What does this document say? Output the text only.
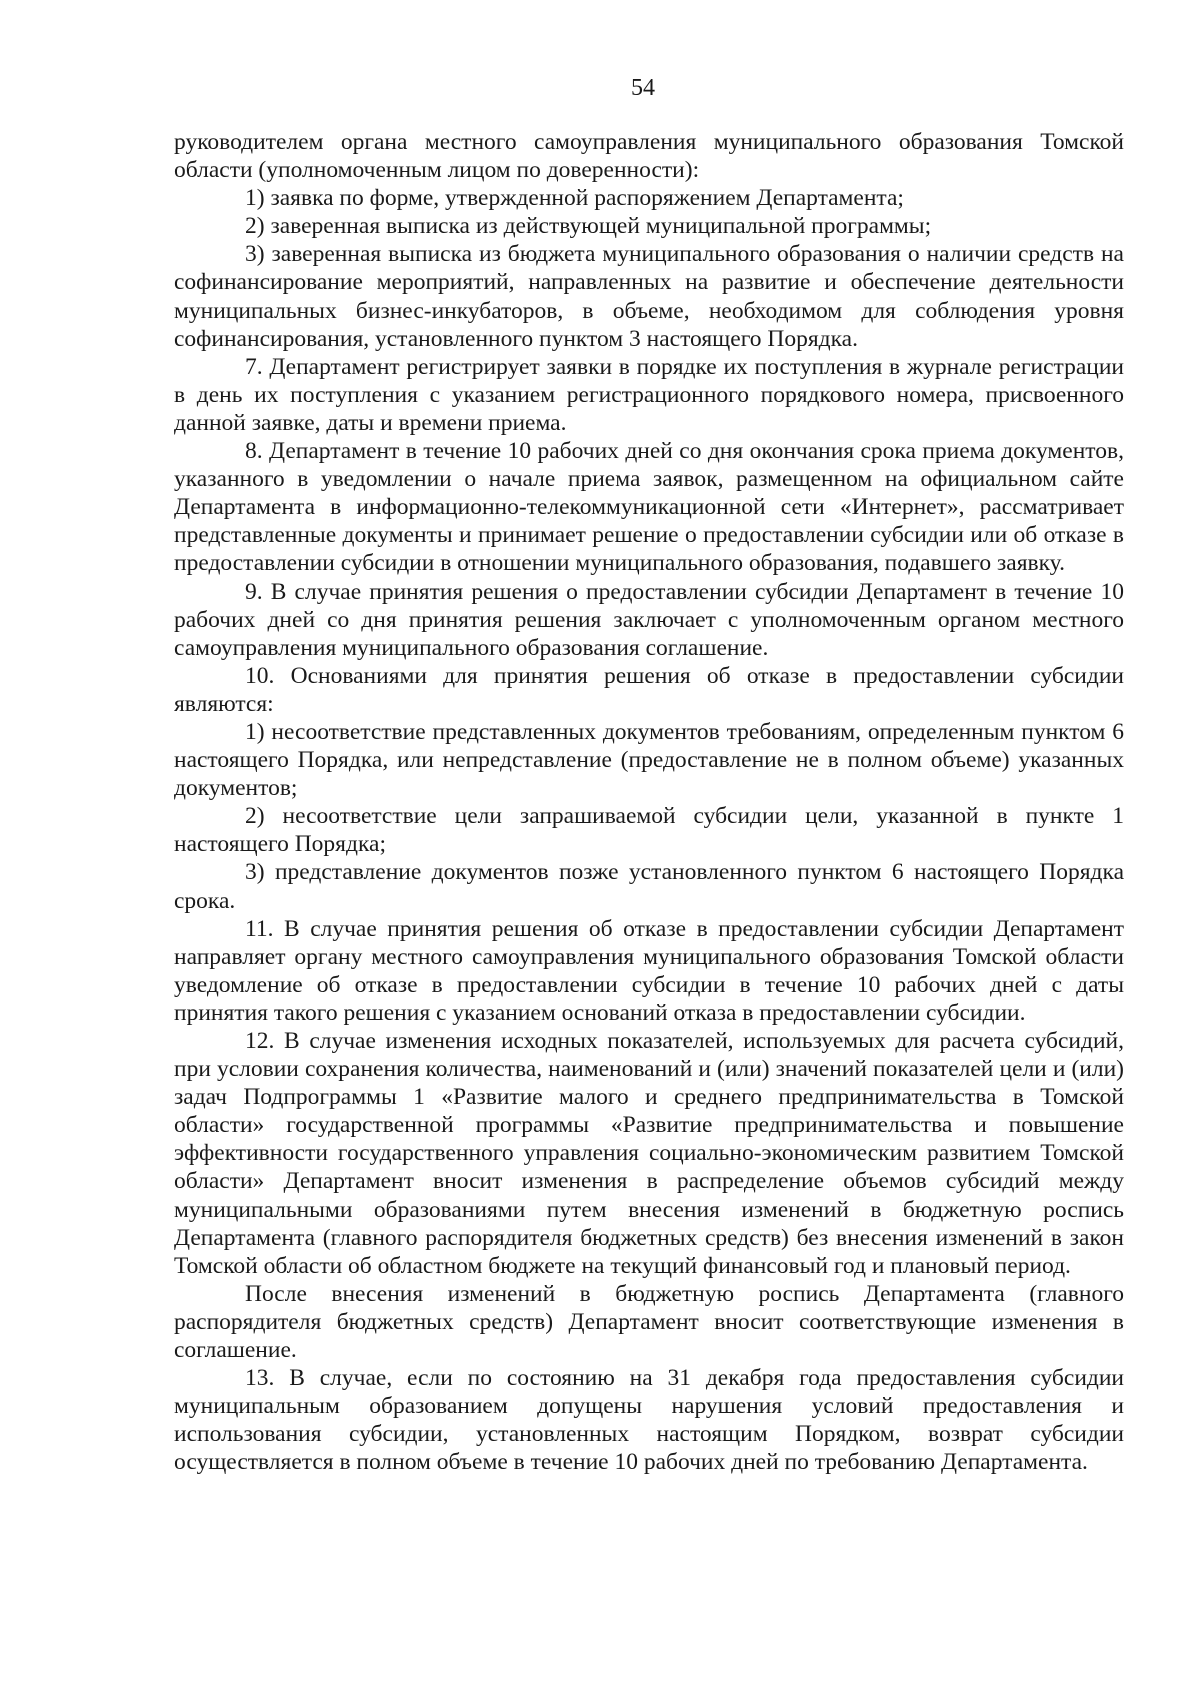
54

руководителем органа местного самоуправления муниципального образования Томской области (уполномоченным лицом по доверенности):

1) заявка по форме, утвержденной распоряжением Департамента;

2) заверенная выписка из действующей муниципальной программы;

3) заверенная выписка из бюджета муниципального образования о наличии средств на софинансирование мероприятий, направленных на развитие и обеспечение деятельности муниципальных бизнес-инкубаторов, в объеме, необходимом для соблюдения уровня софинансирования, установленного пунктом 3 настоящего Порядка.

7. Департамент регистрирует заявки в порядке их поступления в журнале регистрации в день их поступления с указанием регистрационного порядкового номера, присвоенного данной заявке, даты и времени приема.

8. Департамент в течение 10 рабочих дней со дня окончания срока приема документов, указанного в уведомлении о начале приема заявок, размещенном на официальном сайте Департамента в информационно-телекоммуникационной сети «Интернет», рассматривает представленные документы и принимает решение о предоставлении субсидии или об отказе в предоставлении субсидии в отношении муниципального образования, подавшего заявку.

9. В случае принятия решения о предоставлении субсидии Департамент в течение 10 рабочих дней со дня принятия решения заключает с уполномоченным органом местного самоуправления муниципального образования соглашение.

10. Основаниями для принятия решения об отказе в предоставлении субсидии являются:

1) несоответствие представленных документов требованиям, определенным пунктом 6 настоящего Порядка, или непредставление (предоставление не в полном объеме) указанных документов;

2) несоответствие цели запрашиваемой субсидии цели, указанной в пункте 1 настоящего Порядка;

3) представление документов позже установленного пунктом 6 настоящего Порядка срока.

11. В случае принятия решения об отказе в предоставлении субсидии Департамент направляет органу местного самоуправления муниципального образования Томской области уведомление об отказе в предоставлении субсидии в течение 10 рабочих дней с даты принятия такого решения с указанием оснований отказа в предоставлении субсидии.

12. В случае изменения исходных показателей, используемых для расчета субсидий, при условии сохранения количества, наименований и (или) значений показателей цели и (или) задач Подпрограммы 1 «Развитие малого и среднего предпринимательства в Томской области» государственной программы «Развитие предпринимательства и повышение эффективности государственного управления социально-экономическим развитием Томской области» Департамент вносит изменения в распределение объемов субсидий между муниципальными образованиями путем внесения изменений в бюджетную роспись Департамента (главного распорядителя бюджетных средств) без внесения изменений в закон Томской области об областном бюджете на текущий финансовый год и плановый период.

После внесения изменений в бюджетную роспись Департамента (главного распорядителя бюджетных средств) Департамент вносит соответствующие изменения в соглашение.

13. В случае, если по состоянию на 31 декабря года предоставления субсидии муниципальным образованием допущены нарушения условий предоставления и использования субсидии, установленных настоящим Порядком, возврат субсидии осуществляется в полном объеме в течение 10 рабочих дней по требованию Департамента.
